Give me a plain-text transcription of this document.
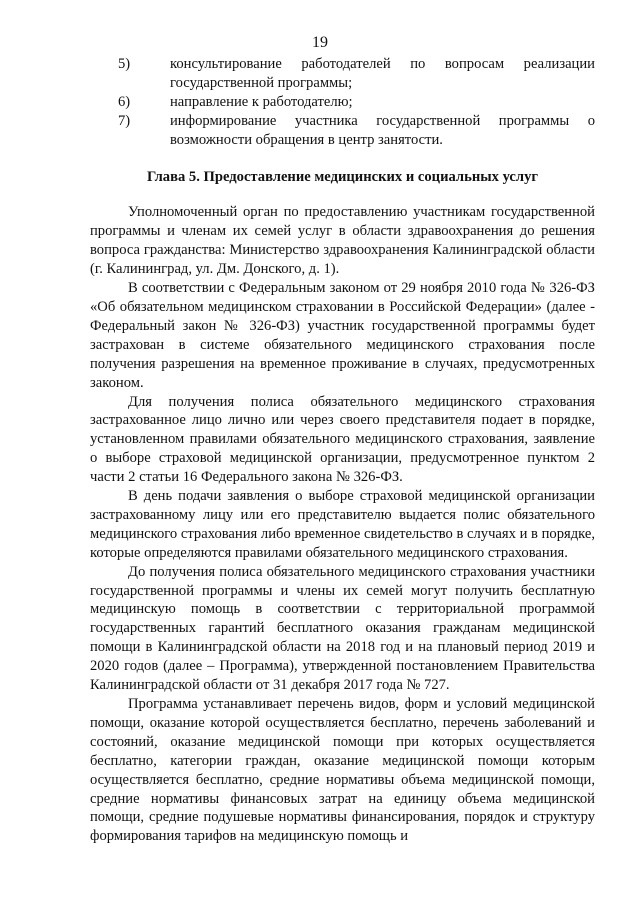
19

5)	консультирование работодателей по вопросам реализации государственной программы;

6)	направление к работодателю;

7)	информирование участника государственной программы о возможности обращения в центр занятости.

Глава 5. Предоставление медицинских и социальных услуг

Уполномоченный орган по предоставлению участникам государственной программы и членам их семей услуг в области здравоохранения до решения вопроса гражданства: Министерство здравоохранения Калининградской области (г. Калининград, ул. Дм. Донского, д. 1).

В соответствии с Федеральным законом от 29 ноября 2010 года № 326-ФЗ «Об обязательном медицинском страховании в Российской Федерации» (далее - Федеральный закон № 326-ФЗ) участник государственной программы будет застрахован в системе обязательного медицинского страхования после получения разрешения на временное проживание в случаях, предусмотренных законом.

Для получения полиса обязательного медицинского страхования застрахованное лицо лично или через своего представителя подает в порядке, установленном правилами обязательного медицинского страхования, заявление о выборе страховой медицинской организации, предусмотренное пунктом 2 части 2 статьи 16 Федерального закона № 326-ФЗ.

В день подачи заявления о выборе страховой медицинской организации застрахованному лицу или его представителю выдается полис обязательного медицинского страхования либо временное свидетельство в случаях и в порядке, которые определяются правилами обязательного медицинского страхования.

До получения полиса обязательного медицинского страхования участники государственной программы и члены их семей могут получить бесплатную медицинскую помощь в соответствии с территориальной программой государственных гарантий бесплатного оказания гражданам медицинской помощи в Калининградской области на 2018 год и на плановый период 2019 и 2020 годов (далее – Программа), утвержденной постановлением Правительства Калининградской области от 31 декабря 2017 года № 727.

Программа устанавливает перечень видов, форм и условий медицинской помощи, оказание которой осуществляется бесплатно, перечень заболеваний и состояний, оказание медицинской помощи при которых осуществляется бесплатно, категории граждан, оказание медицинской помощи которым осуществляется бесплатно, средние нормативы объема медицинской помощи, средние нормативы финансовых затрат на единицу объема медицинской помощи, средние подушевые нормативы финансирования, порядок и структуру формирования тарифов на медицинскую помощь и
